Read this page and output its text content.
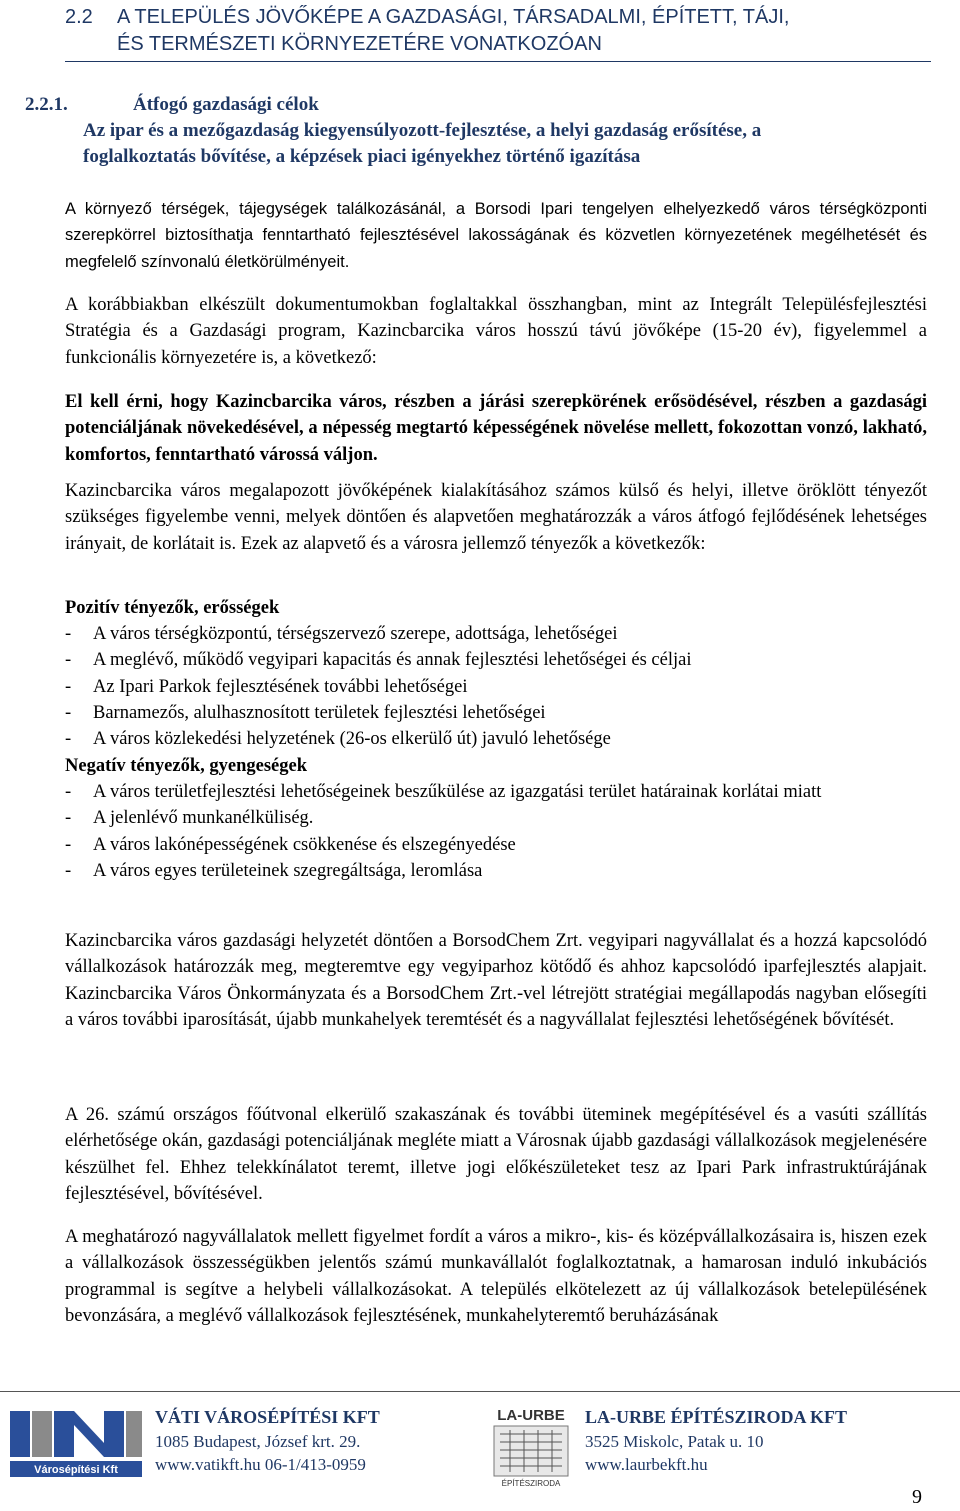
2.2 A TELEPÜLÉS JÖVŐKÉPE A GAZDASÁGI, TÁRSADALMI, ÉPÍTETT, TÁJI,
ÉS TERMÉSZETI KÖRNYEZETÉRE VONATKOZÓAN
2.2.1.	Átfogó gazdasági célok
Az ipar és a mezőgazdaság kiegyensúlyozott-fejlesztése, a helyi gazdaság erősítése, a
foglalkoztatás bővítése, a képzések piaci igényekhez történő igazítása
A környező térségek, tájegységek találkozásánál, a Borsodi Ipari tengelyen elhelyezkedő város térségközponti szerepkörrel biztosíthatja fenntartható fejlesztésével lakosságának és közvetlen környezetének megélhetését és megfelelő színvonalú életkörülményeit.
A korábbiakban elkészült dokumentumokban foglaltakkal összhangban, mint az Integrált Településfejlesztési Stratégia és a Gazdasági program, Kazincbarcika város hosszú távú jövőképe (15-20 év), figyelemmel a funkcionális környezetére is, a következő:
El kell érni, hogy Kazincbarcika város, részben a járási szerepkörének erősödésével, részben a gazdasági potenciáljának növekedésével, a népesség megtartó képességének növelése mellett, fokozottan vonzó, lakható, komfortos, fenntartható várossá váljon.
Kazincbarcika város megalapozott jövőképének kialakításához számos külső és helyi, illetve öröklött tényezőt szükséges figyelembe venni, melyek döntően és alapvetően meghatározzák a város átfogó fejlődésének lehetséges irányait, de korlátait is. Ezek az alapvető és a városra jellemző tényezők a következők:
Pozitív tényezők, erősségek
- A város térségközpontú, térségszervező szerepe, adottsága, lehetőségei
- A meglévő, működő vegyipari kapacitás és annak fejlesztési lehetőségei és céljai
- Az Ipari Parkok fejlesztésének további lehetőségei
- Barnamezős, alulhasznosított területek fejlesztési lehetőségei
- A város közlekedési helyzetének (26-os elkerülő út) javuló lehetősége
Negatív tényezők, gyengeségek
- A város területfejlesztési lehetőségeinek beszűkülése az igazgatási terület határainak korlátai miatt
- A jelenlévő munkanélküliség.
- A város lakónépességének csökkenése és elszegényedése
- A város egyes területeinek szegregáltsága, leromlása
Kazincbarcika város gazdasági helyzetét döntően a BorsodChem Zrt. vegyipari nagyvállalat és a hozzá kapcsolódó vállalkozások határozzák meg, megteremtve egy vegyiparhoz kötődő és ahhoz kapcsolódó iparfejlesztés alapjait. Kazincbarcika Város Önkormányzata és a BorsodChem Zrt.-vel létrejött stratégiai megállapodás nagyban elősegíti a város további iparosítását, újabb munkahelyek teremtését és a nagyvállalat fejlesztési lehetőségének bővítését.
A 26. számú országos főútvonal elkerülő szakaszának és további üteminek megépítésével és a vasúti szállítás elérhetősége okán, gazdasági potenciáljának megléte miatt a Városnak újabb gazdasági vállalkozások megjelenésére készülhet fel. Ehhez telekkínálatot teremt, illetve jogi előkészületeket tesz az Ipari Park infrastruktúrájának fejlesztésével, bővítésével.
A meghatározó nagyvállalatok mellett figyelmet fordít a város a mikro-, kis- és középvállalkozásaira is, hiszen ezek a vállalkozások összességükben jelentős számú munkavállalót foglalkoztatnak, a hamarosan induló inkubációs programmal is segítve a helybeli vállalkozásokat. A település elkötelezett az új vállalkozások betelepülésének bevonzására, a meglévő vállalkozások fejlesztésének, munkahelyteremtő beruházásának
Városépítési Kft
VÁTI VÁROSÉPÍTÉSI KFT
1085 Budapest, József krt. 29.
www.vatikft.hu 06-1/413-0959
LA-URBE
ÉPÍTÉSZIRODA
LA-URBE ÉPÍTÉSZIRODA KFT
3525 Miskolc, Patak u. 10
www.laurbekft.hu
9
